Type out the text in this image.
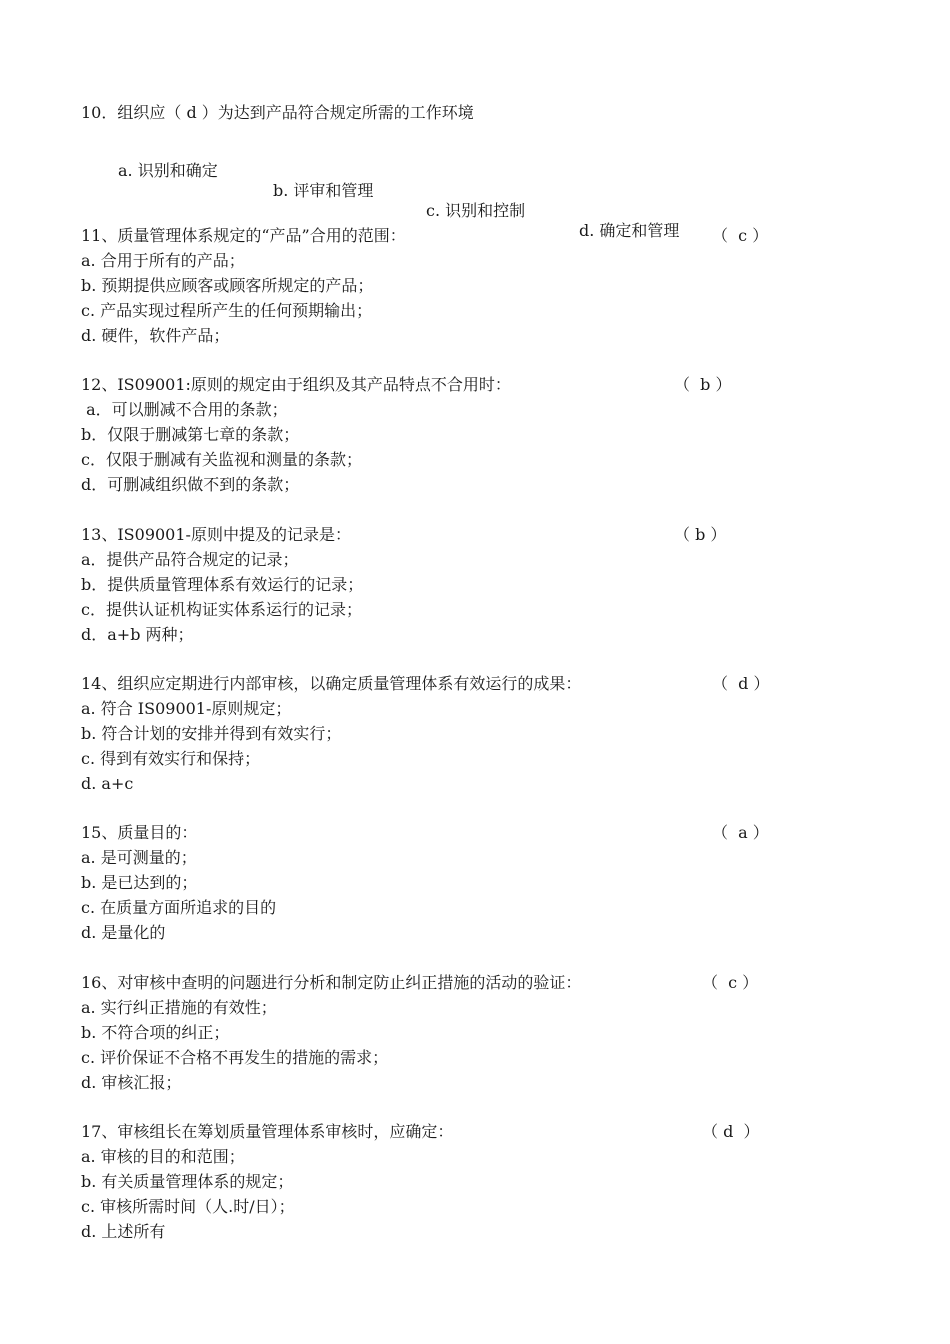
10．组织应（ d ）为达到产品符合规定所需的工作环境

a. 识别和确定

b. 评审和管理

c. 识别和控制

d. 确定和管理

11、质量管理体系规定的“产品”合用的范围：	（  c ）
a. 合用于所有的产品；
b. 预期提供应顾客或顾客所规定的产品；
c. 产品实现过程所产生的任何预期输出；
d. 硬件，软件产品；
12、IS09001:原则的规定由于组织及其产品特点不合用时：	（  b ）
a．可以删减不合用的条款；
b．仅限于删减第七章的条款；
c．仅限于删减有关监视和测量的条款；
d．可删减组织做不到的条款；
13、IS09001-原则中提及的记录是：	（ b ）
a．提供产品符合规定的记录；
b．提供质量管理体系有效运行的记录；
c．提供认证机构证实体系运行的记录；
d．a+b 两种；
14、组织应定期进行内部审核，以确定质量管理体系有效运行的成果：	（  d ）
a. 符合 IS09001-原则规定；
b. 符合计划的安排并得到有效实行；
c. 得到有效实行和保持；
d. a+c
15、质量目的：	（  a ）
a. 是可测量的；
b. 是已达到的；
c. 在质量方面所追求的目的
d. 是量化的
16、对审核中查明的问题进行分析和制定防止纠正措施的活动的验证：	（  c ）
a. 实行纠正措施的有效性；
b. 不符合项的纠正；
c. 评价保证不合格不再发生的措施的需求；
d. 审核汇报；
17、审核组长在筹划质量管理体系审核时，应确定：	（ d  ）
a. 审核的目的和范围；
b. 有关质量管理体系的规定；
c. 审核所需时间（人.时/日）；
d. 上述所有
